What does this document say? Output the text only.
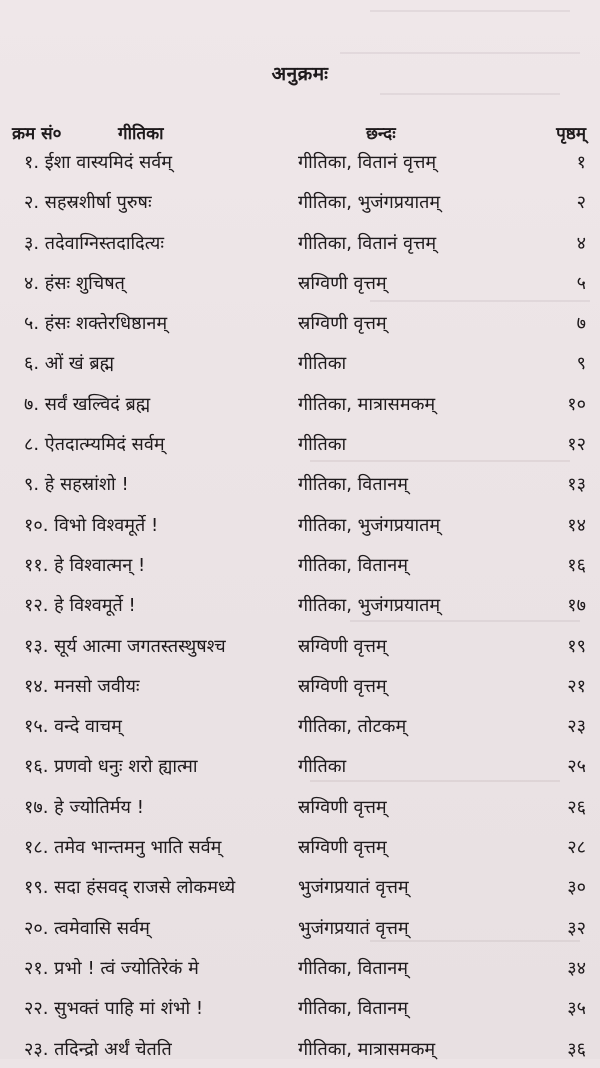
अनुक्रमः
क्रम सं०	गीतिका	छन्दः	पृष्ठम्
१. ईशा वास्यमिदं सर्वम्	गीतिका, वितानं वृत्तम्	१
२. सहस्रशीर्षा पुरुषः	गीतिका, भुजंगप्रयातम्	२
३. तदेवाग्निस्तदादित्यः	गीतिका, वितानं वृत्तम्	४
४. हंसः शुचिषत्	स्रग्विणी वृत्तम्	५
५. हंसः शक्तेरधिष्ठानम्	स्रग्विणी वृत्तम्	७
६. ओं खं ब्रह्म	गीतिका	९
७. सर्वं खल्विदं ब्रह्म	गीतिका, मात्रासमकम्	१०
८. ऐतदात्म्यमिदं सर्वम्	गीतिका	१२
९. हे सहस्रांशो !	गीतिका, वितानम्	१३
१०. विभो विश्वमूर्ते !	गीतिका, भुजंगप्रयातम्	१४
११. हे विश्वात्मन् !	गीतिका, वितानम्	१६
१२. हे विश्वमूर्ते !	गीतिका, भुजंगप्रयातम्	१७
१३. सूर्य आत्मा जगतस्तस्थुषश्च	स्रग्विणी वृत्तम्	१९
१४. मनसो जवीयः	स्रग्विणी वृत्तम्	२१
१५. वन्दे वाचम्	गीतिका, तोटकम्	२३
१६. प्रणवो धनुः शरो ह्यात्मा	गीतिका	२५
१७. हे ज्योतिर्मय !	स्रग्विणी वृत्तम्	२६
१८. तमेव भान्तमनु भाति सर्वम्	स्रग्विणी वृत्तम्	२८
१९. सदा हंसवद् राजसे लोकमध्ये	भुजंगप्रयातं वृत्तम्	३०
२०. त्वमेवासि सर्वम्	भुजंगप्रयातं वृत्तम्	३२
२१. प्रभो ! त्वं ज्योतिरेकं मे	गीतिका, वितानम्	३४
२२. सुभक्तं पाहि मां शंभो !	गीतिका, वितानम्	३५
२३. तदिन्द्रो अर्थं चेतति	गीतिका, मात्रासमकम्	३६
